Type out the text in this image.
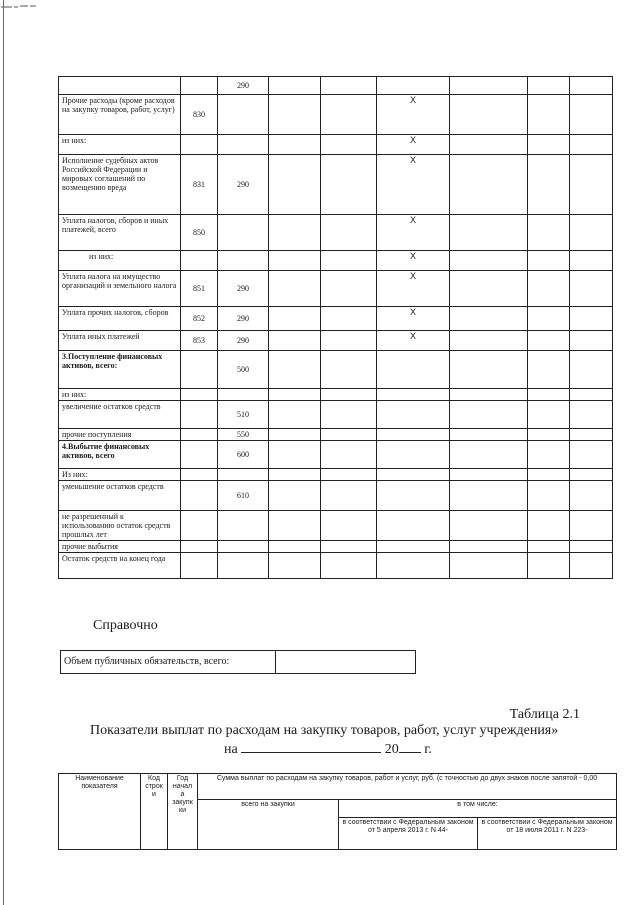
		290						
Прочие расходы (кроме расходов на закупку товаров, работ, услуг)	830				X			
из них:					X			
Исполнение судебных актов Российской Федерации и мировых соглашений по возмещению вреда	831	290			X			
Уплата налогов, сборов и иных платежей, всего	850				X			
из них:					X			
Уплата налога на имущество организаций и земельного налога	851	290			X			
Уплата прочих налогов, сборов	852	290			X			
Уплата иных платежей	853	290			X			
3.Поступление финансовых активов, всего:		500						
из них:								
увеличение остатков средств		510						
прочие поступления		550						
4.Выбытие финансовых активов, всего		600						
Из них:								
уменьшение остатков средств		610						
не разрешенный к использованию остаток средств прошлых лет								
прочие выбытия								
Остаток средств на конец года								
Справочно
Объем публичных обязательств, всего:	
Таблица 2.1
Показатели выплат по расходам на закупку товаров, работ, услуг учреждения»
на	20 г.
Наименование показателя	Код строк и	Год начал а закупк ки	Сумма выплат по расходам на закупку товаров, работ и услуг, руб. (с точностью до двух знаков после запятой - 0,00		
			всего на закупки	в том числе:	
				в соответствии с Федеральным законом от 5 апреля 2013 г. N 44-	в соответствии с Федеральным законом от 18 июля 2011 г. N 223-
